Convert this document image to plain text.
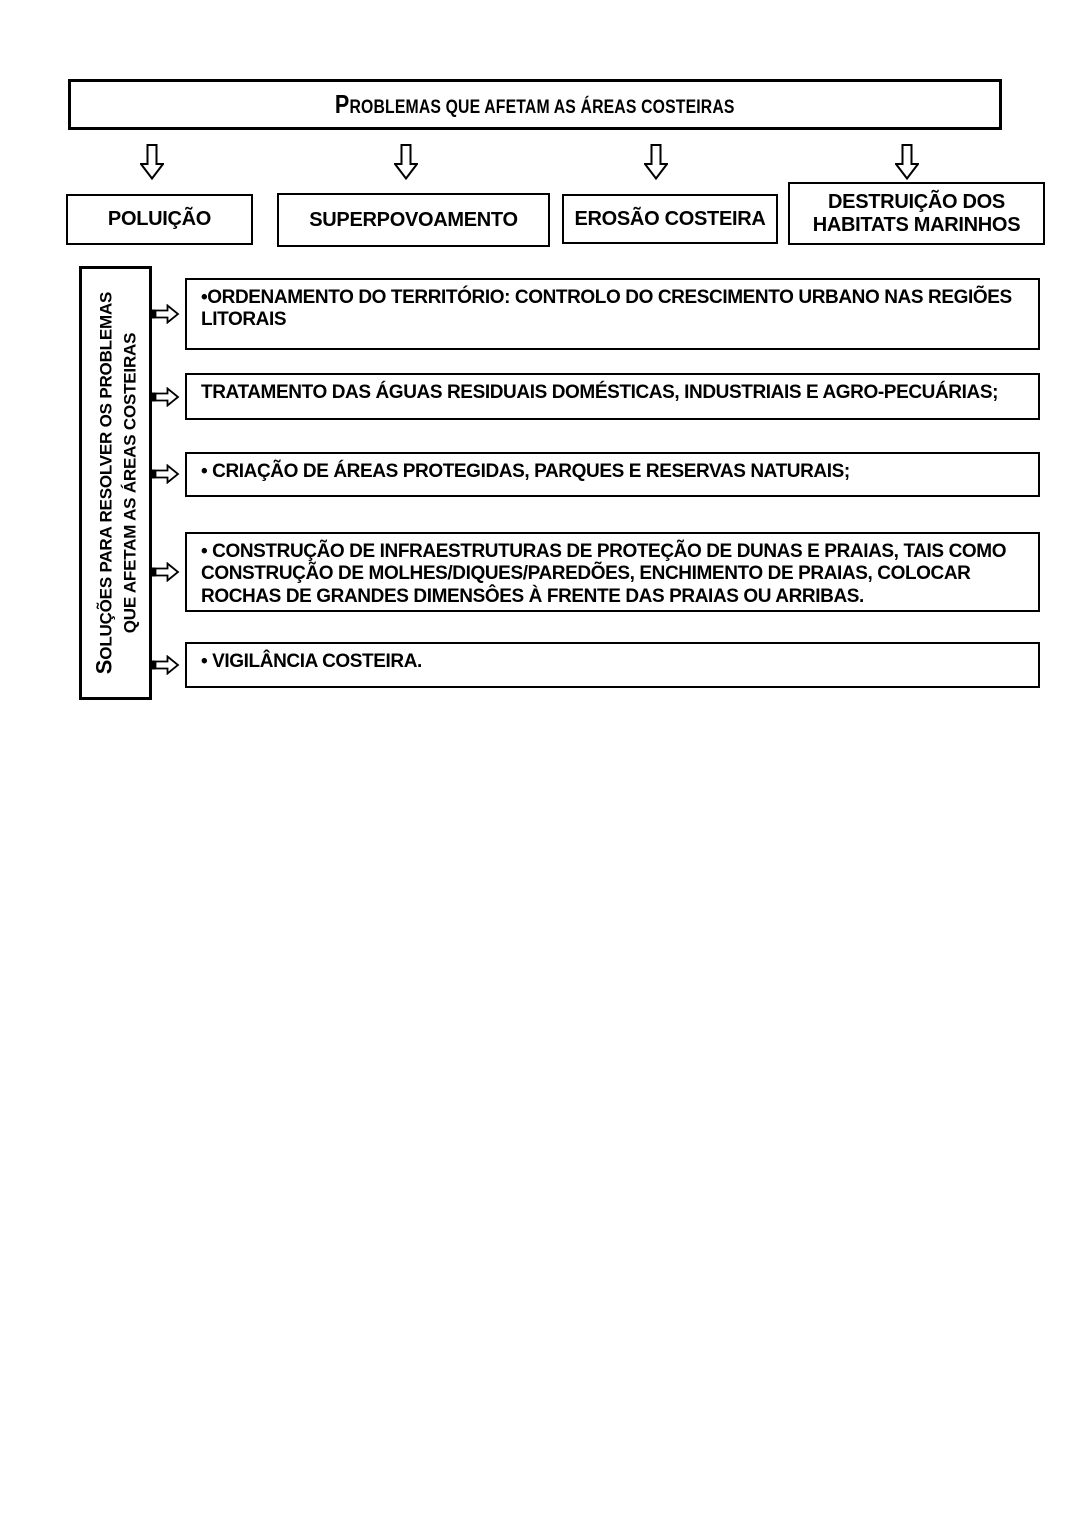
PROBLEMAS QUE AFETAM AS ÁREAS COSTEIRAS
POLUIÇÃO	SUPERPOVOAMENTO	EROSÃO COSTEIRA
DESTRUIÇÃO DOS HABITATS MARINHOS
SOLUÇÕES PARA RESOLVER OS PROBLEMAS QUE AFETAM AS ÁREAS COSTEIRAS
•ORDENAMENTO DO TERRITÓRIO: CONTROLO DO CRESCIMENTO URBANO NAS REGIÕES LITORAIS
TRATAMENTO DAS ÁGUAS RESIDUAIS DOMÉSTICAS, INDUSTRIAIS E AGRO-PECUÁRIAS;
• CRIAÇÃO DE ÁREAS PROTEGIDAS, PARQUES E RESERVAS NATURAIS;
• CONSTRUÇÃO DE INFRAESTRUTURAS DE PROTEÇÃO DE DUNAS E PRAIAS, TAIS COMO CONSTRUÇÃO DE MOLHES/DIQUES/PAREDÕES, ENCHIMENTO DE PRAIAS, COLOCAR ROCHAS DE GRANDES DIMENSÔES À FRENTE DAS PRAIAS OU ARRIBAS.
• VIGILÂNCIA COSTEIRA.
